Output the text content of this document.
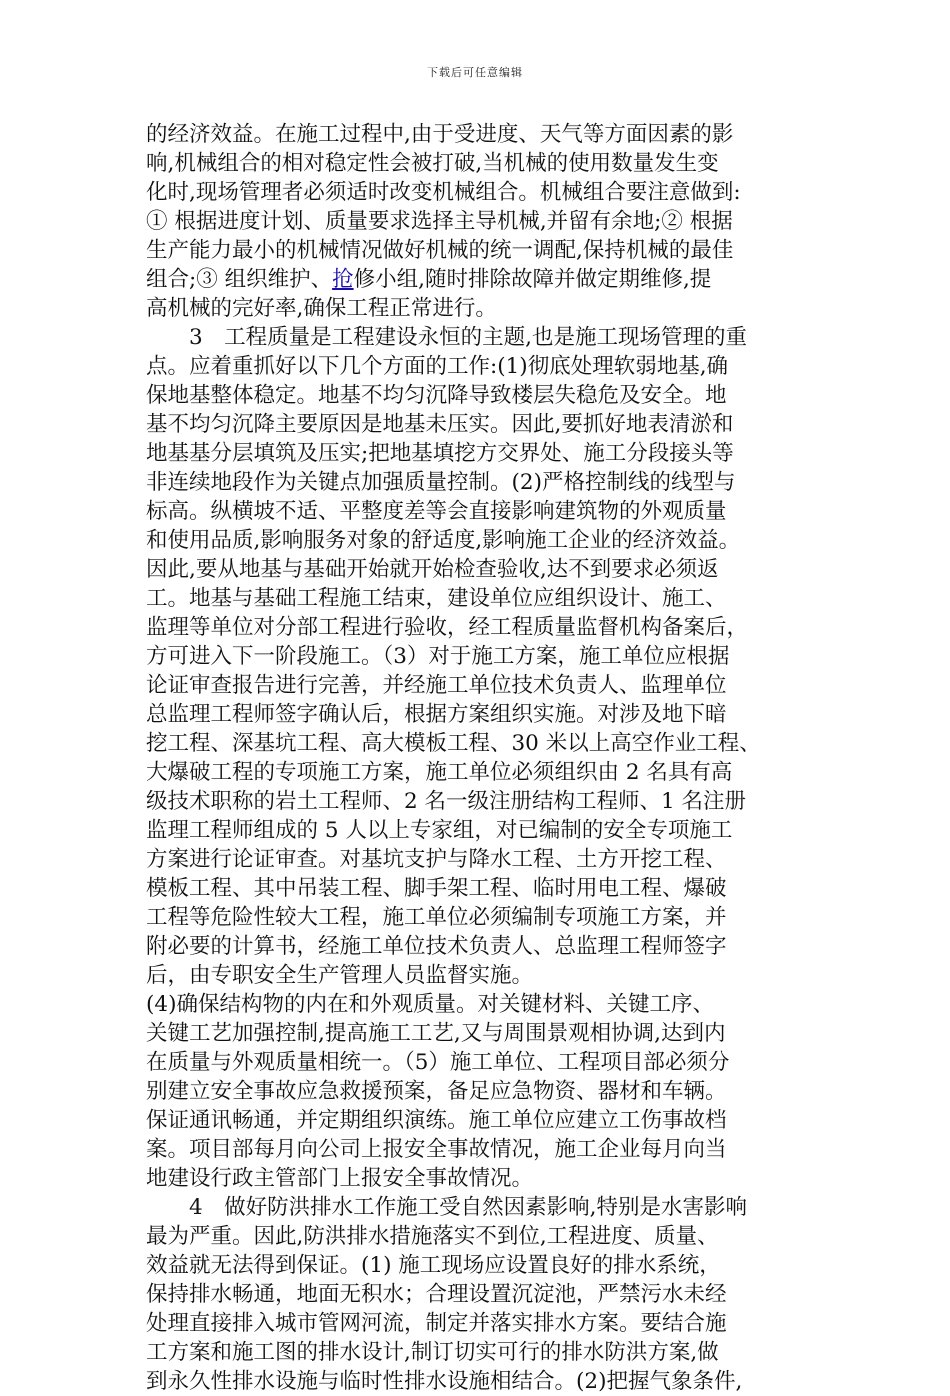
下载后可任意编辑
的经济效益。在施工过程中,由于受进度、天气等方面因素的影
响,机械组合的相对稳定性会被打破,当机械的使用数量发生变
化时,现场管理者必须适时改变机械组合。机械组合要注意做到:
① 根据进度计划、质量要求选择主导机械,并留有余地;② 根据
生产能力最小的机械情况做好机械的统一调配,保持机械的最佳
组合;③ 组织维护、抢修小组,随时排除故障并做定期维修,提
高机械的完好率,确保工程正常进行。
　　3　工程质量是工程建设永恒的主题,也是施工现场管理的重
点。应着重抓好以下几个方面的工作:(1)彻底处理软弱地基,确
保地基整体稳定。地基不均匀沉降导致楼层失稳危及安全。地
基不均匀沉降主要原因是地基未压实。因此,要抓好地表清淤和
地基基分层填筑及压实;把地基填挖方交界处、施工分段接头等
非连续地段作为关键点加强质量控制。(2)严格控制线的线型与
标高。纵横坡不适、平整度差等会直接影响建筑物的外观质量
和使用品质,影响服务对象的舒适度,影响施工企业的经济效益。
因此,要从地基与基础开始就开始检查验收,达不到要求必须返
工。地基与基础工程施工结束，建设单位应组织设计、施工、
监理等单位对分部工程进行验收，经工程质量监督机构备案后，
方可进入下一阶段施工。（3）对于施工方案，施工单位应根据
论证审查报告进行完善，并经施工单位技术负责人、监理单位
总监理工程师签字确认后，根据方案组织实施。对涉及地下暗
挖工程、深基坑工程、高大模板工程、30 米以上高空作业工程、
大爆破工程的专项施工方案，施工单位必须组织由 2 名具有高
级技术职称的岩土工程师、2 名一级注册结构工程师、1 名注册
监理工程师组成的 5 人以上专家组，对已编制的安全专项施工
方案进行论证审查。对基坑支护与降水工程、土方开挖工程、
模板工程、其中吊装工程、脚手架工程、临时用电工程、爆破
工程等危险性较大工程，施工单位必须编制专项施工方案，并
附必要的计算书，经施工单位技术负责人、总监理工程师签字
后，由专职安全生产管理人员监督实施。
(4)确保结构物的内在和外观质量。对关键材料、关键工序、
关键工艺加强控制,提高施工工艺,又与周围景观相协调,达到内
在质量与外观质量相统一。（5）施工单位、工程项目部必须分
别建立安全事故应急救援预案，备足应急物资、器材和车辆。
保证通讯畅通，并定期组织演练。施工单位应建立工伤事故档
案。项目部每月向公司上报安全事故情况，施工企业每月向当
地建设行政主管部门上报安全事故情况。
　　4　做好防洪排水工作施工受自然因素影响,特别是水害影响
最为严重。因此,防洪排水措施落实不到位,工程进度、质量、
效益就无法得到保证。(1) 施工现场应设置良好的排水系统，
保持排水畅通，地面无积水；合理设置沉淀池，严禁污水未经
处理直接排入城市管网河流，制定并落实排水方案。要结合施
工方案和施工图的排水设计,制订切实可行的排水防洪方案,做
到永久性排水设施与临时性排水设施相结合。(2)把握气象条件,
